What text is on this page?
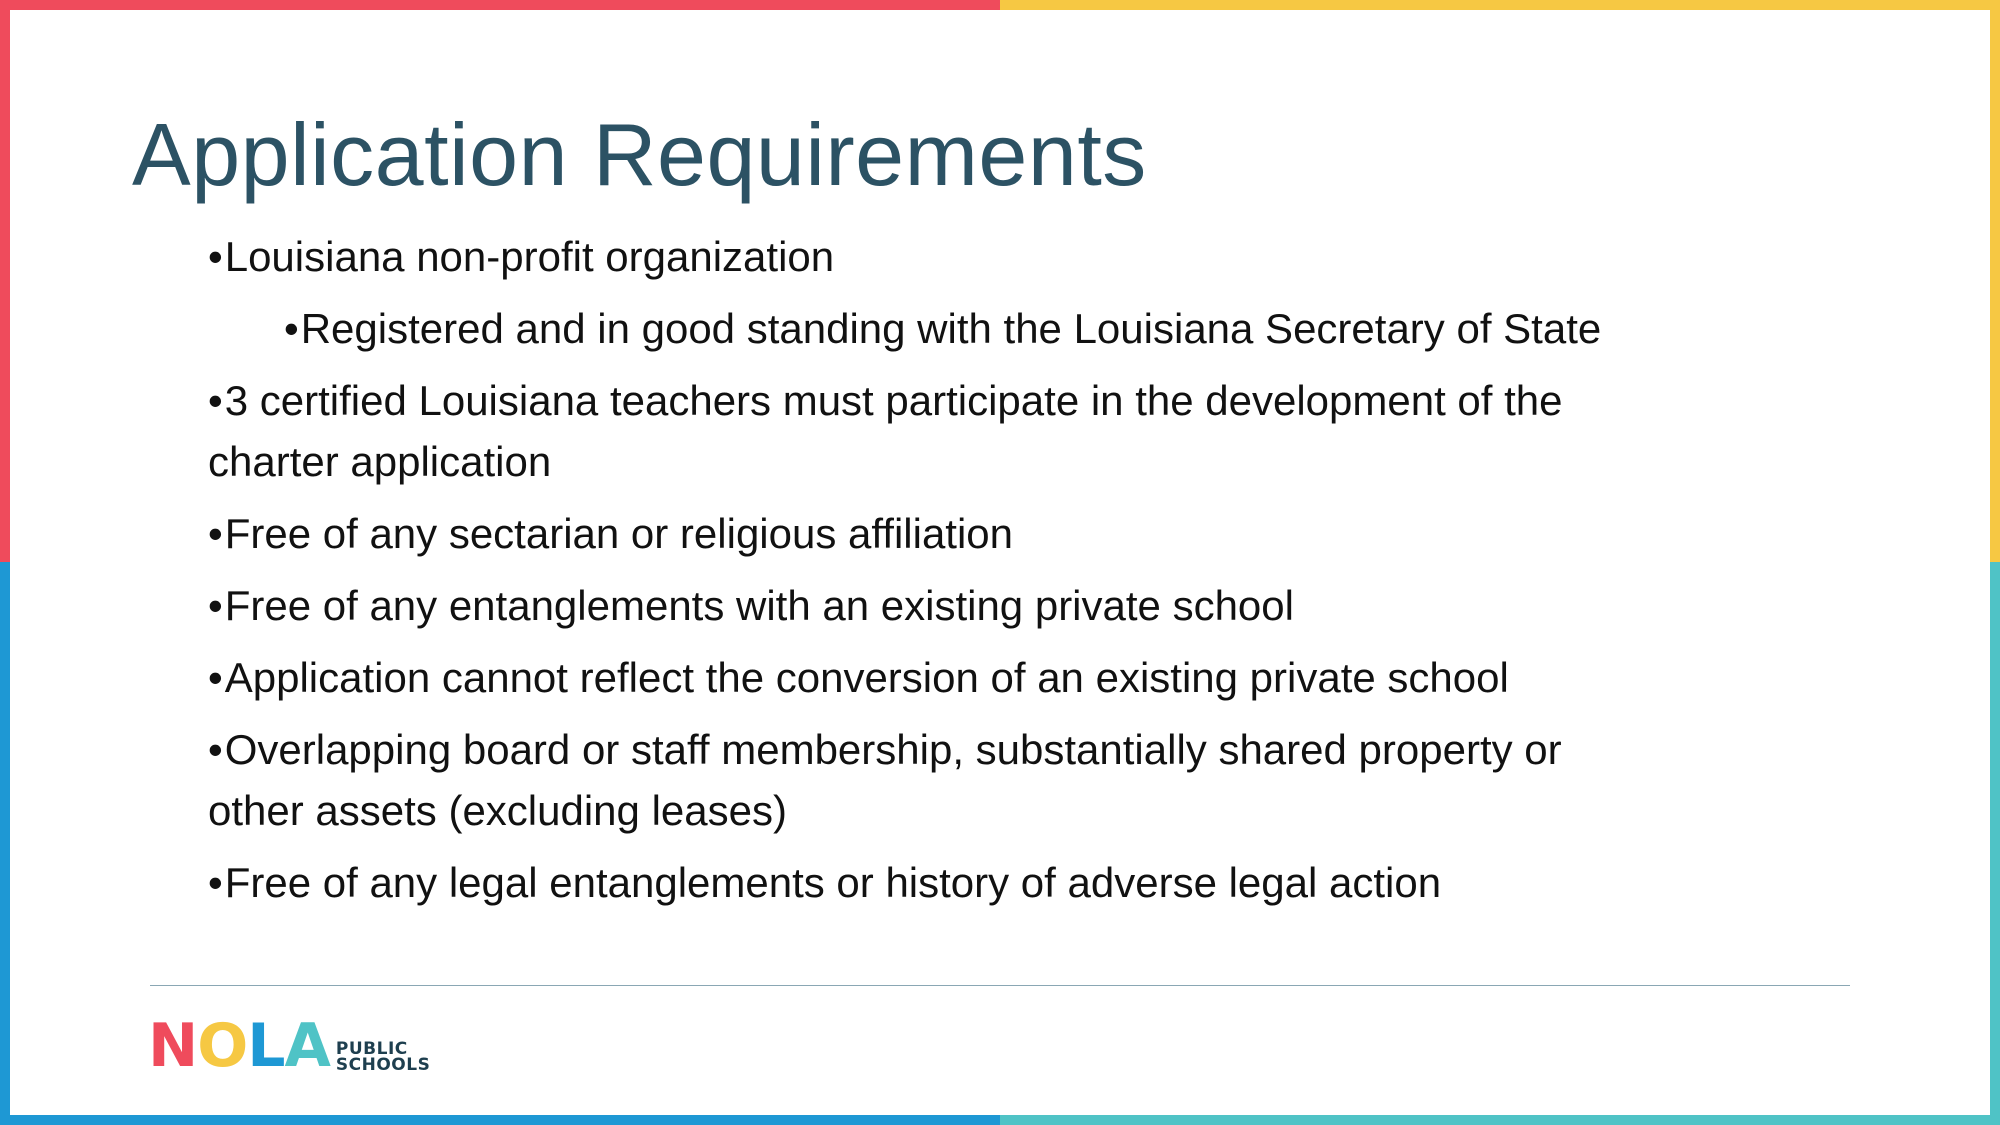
Application Requirements
•Louisiana non-profit organization
•Registered and in good standing with the Louisiana Secretary of State
•3 certified Louisiana teachers must participate in the development of the charter application
•Free of any sectarian or religious affiliation
•Free of any entanglements with an existing private school
•Application cannot reflect the conversion of an existing private school
•Overlapping board or staff membership, substantially shared property or other assets (excluding leases)
•Free of any legal entanglements or history of adverse legal action
NOLA PUBLIC
SCHOOLS
